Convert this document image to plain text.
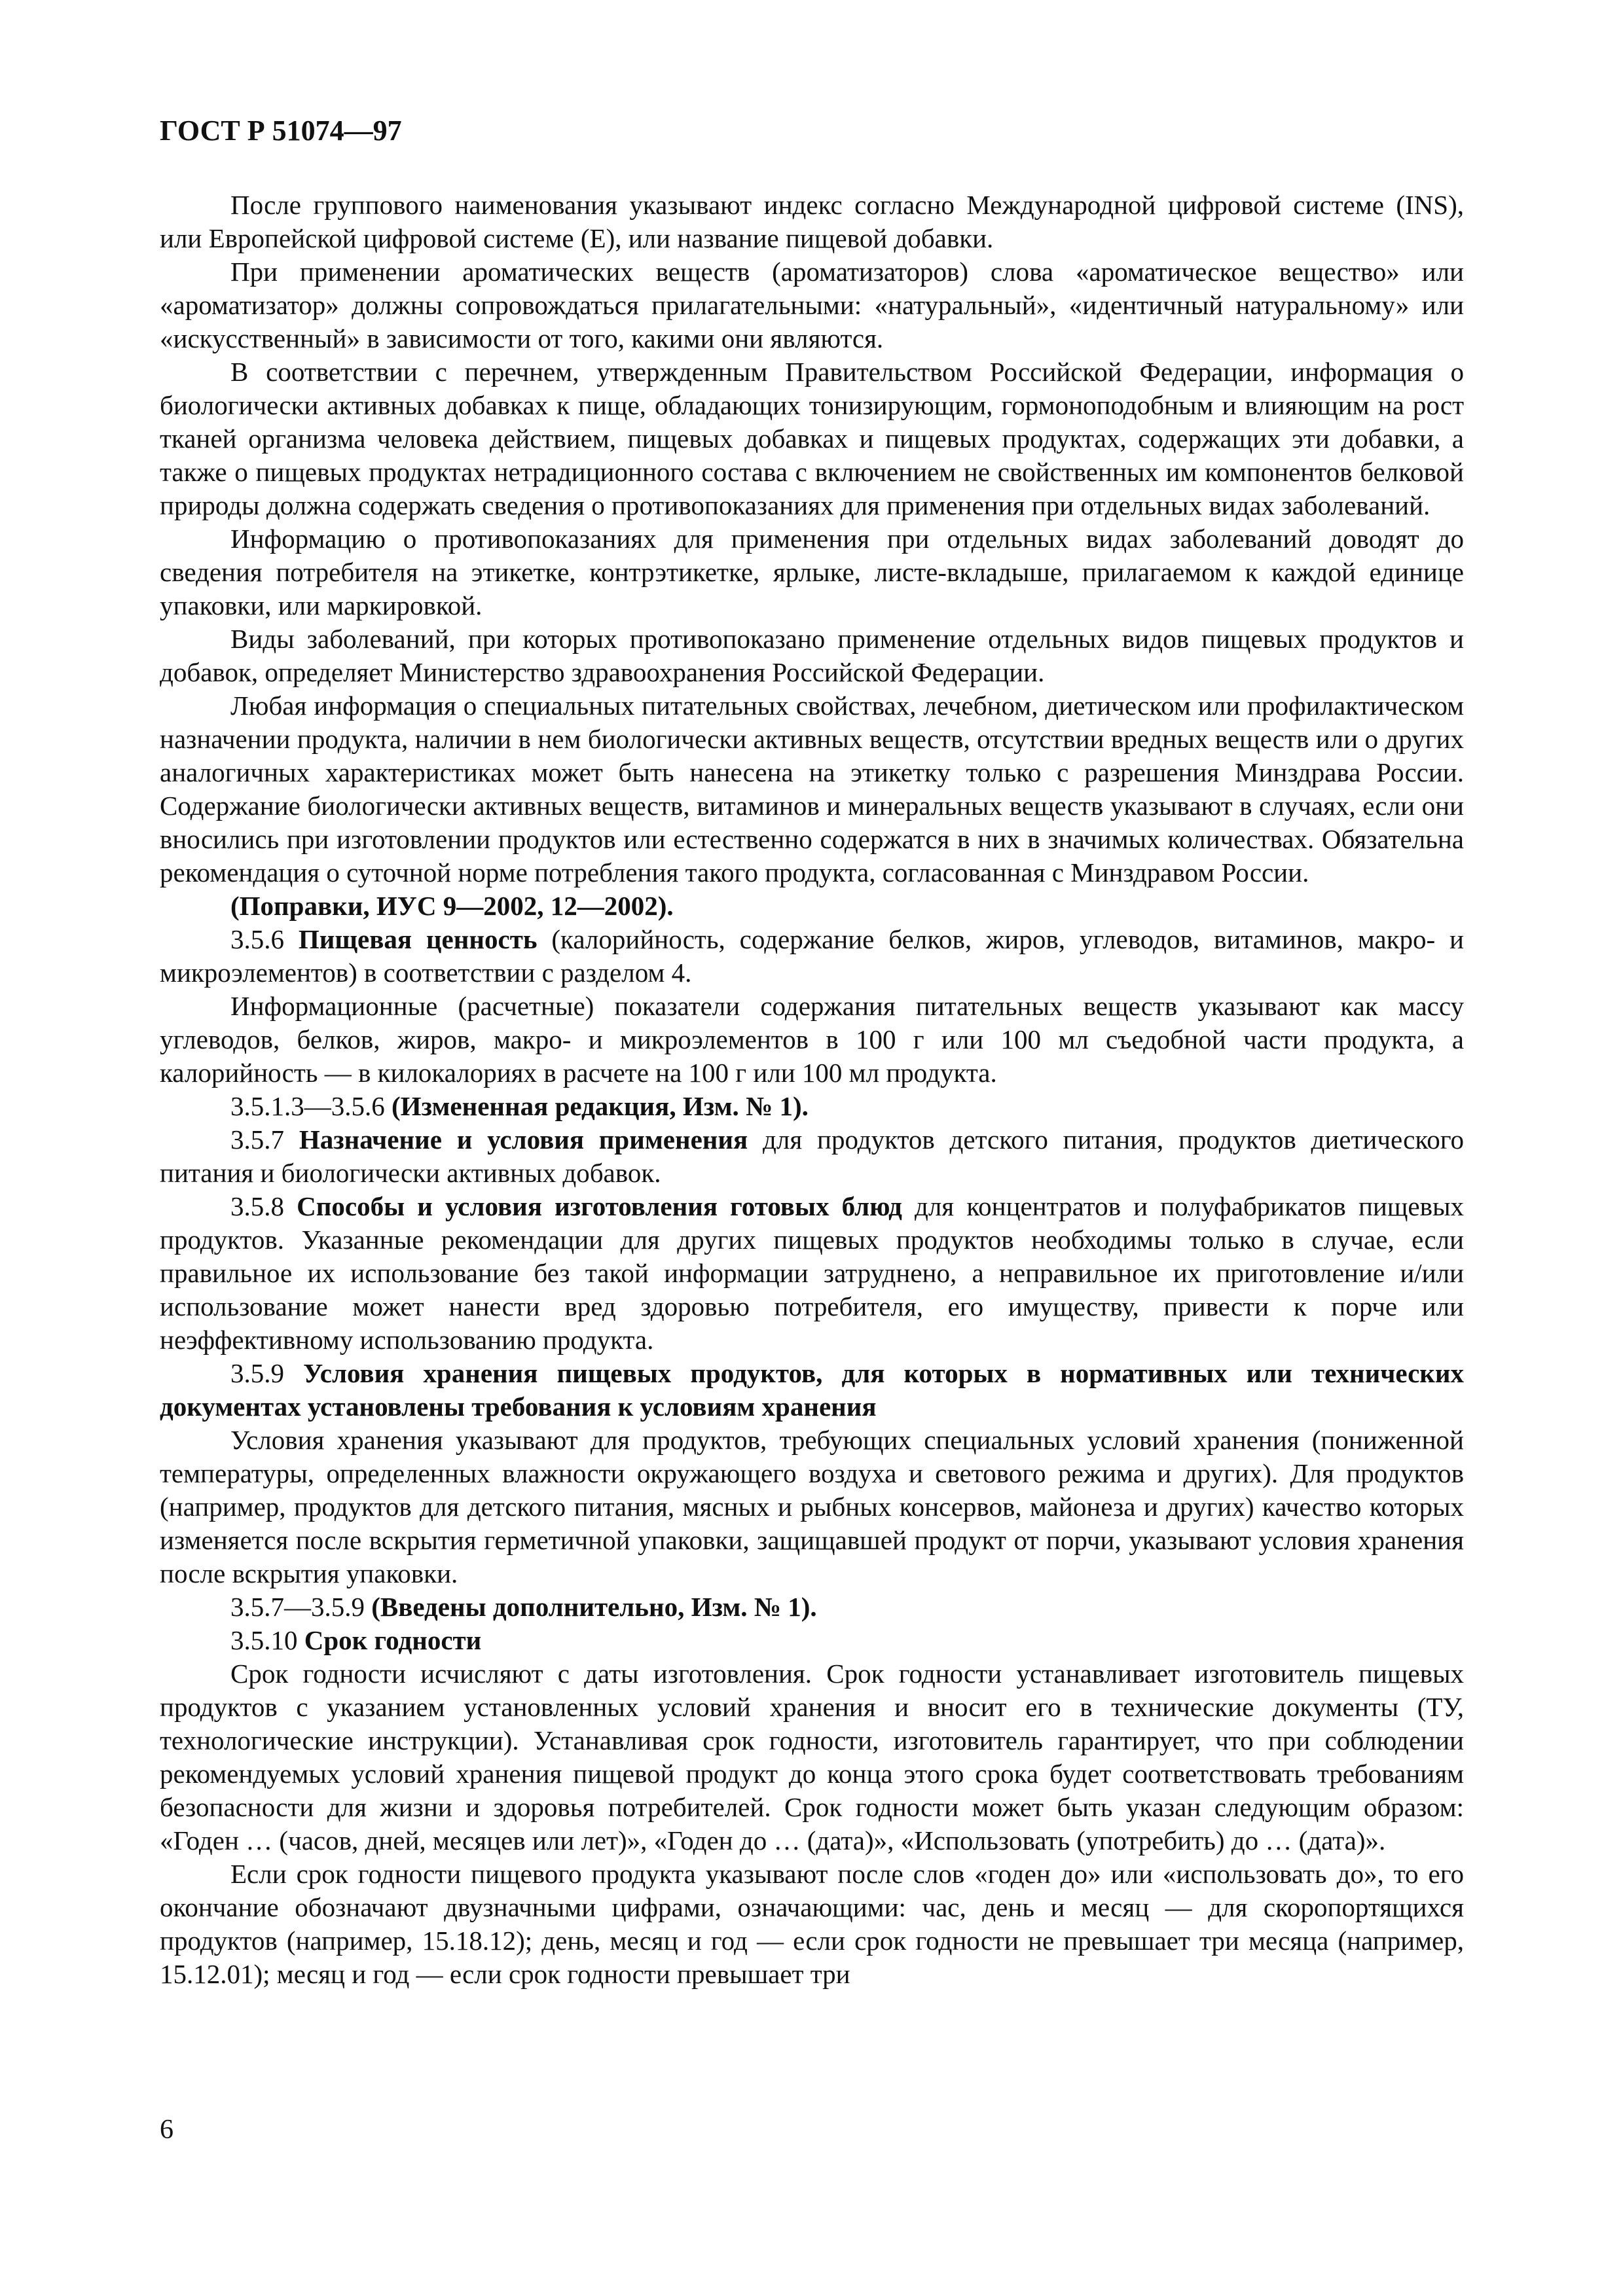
ГОСТ Р 51074—97

После группового наименования указывают индекс согласно Международной цифровой системе (INS), или Европейской цифровой системе (Е), или название пищевой добавки.

При применении ароматических веществ (ароматизаторов) слова «ароматическое вещество» или «ароматизатор» должны сопровождаться прилагательными: «натуральный», «идентичный натуральному» или «искусственный» в зависимости от того, какими они являются.

В соответствии с перечнем, утвержденным Правительством Российской Федерации, информация о биологически активных добавках к пище, обладающих тонизирующим, гормоноподобным и влияющим на рост тканей организма человека действием, пищевых добавках и пищевых продуктах, содержащих эти добавки, а также о пищевых продуктах нетрадиционного состава с включением не свойственных им компонентов белковой природы должна содержать сведения о противопоказаниях для применения при отдельных видах заболеваний.

Информацию о противопоказаниях для применения при отдельных видах заболеваний доводят до сведения потребителя на этикетке, контрэтикетке, ярлыке, листе-вкладыше, прилагаемом к каждой единице упаковки, или маркировкой.

Виды заболеваний, при которых противопоказано применение отдельных видов пищевых продуктов и добавок, определяет Министерство здравоохранения Российской Федерации.

Любая информация о специальных питательных свойствах, лечебном, диетическом или профилактическом назначении продукта, наличии в нем биологически активных веществ, отсутствии вредных веществ или о других аналогичных характеристиках может быть нанесена на этикетку только с разрешения Минздрава России. Содержание биологически активных веществ, витаминов и минеральных веществ указывают в случаях, если они вносились при изготовлении продуктов или естественно содержатся в них в значимых количествах. Обязательна рекомендация о суточной норме потребления такого продукта, согласованная с Минздравом России.

(Поправки, ИУС 9—2002, 12—2002).

3.5.6 Пищевая ценность (калорийность, содержание белков, жиров, углеводов, витаминов, макро- и микроэлементов) в соответствии с разделом 4.

Информационные (расчетные) показатели содержания питательных веществ указывают как массу углеводов, белков, жиров, макро- и микроэлементов в 100 г или 100 мл съедобной части продукта, а калорийность — в килокалориях в расчете на 100 г или 100 мл продукта.

3.5.1.3—3.5.6 (Измененная редакция, Изм. № 1).

3.5.7 Назначение и условия применения для продуктов детского питания, продуктов диетического питания и биологически активных добавок.

3.5.8 Способы и условия изготовления готовых блюд для концентратов и полуфабрикатов пищевых продуктов. Указанные рекомендации для других пищевых продуктов необходимы только в случае, если правильное их использование без такой информации затруднено, а неправильное их приготовление и/или использование может нанести вред здоровью потребителя, его имуществу, привести к порче или неэффективному использованию продукта.

3.5.9 Условия хранения пищевых продуктов, для которых в нормативных или технических документах установлены требования к условиям хранения

Условия хранения указывают для продуктов, требующих специальных условий хранения (пониженной температуры, определенных влажности окружающего воздуха и светового режима и других). Для продуктов (например, продуктов для детского питания, мясных и рыбных консервов, майонеза и других) качество которых изменяется после вскрытия герметичной упаковки, защищавшей продукт от порчи, указывают условия хранения после вскрытия упаковки.

3.5.7—3.5.9 (Введены дополнительно, Изм. № 1).

3.5.10 Срок годности

Срок годности исчисляют с даты изготовления. Срок годности устанавливает изготовитель пищевых продуктов с указанием установленных условий хранения и вносит его в технические документы (ТУ, технологические инструкции). Устанавливая срок годности, изготовитель гарантирует, что при соблюдении рекомендуемых условий хранения пищевой продукт до конца этого срока будет соответствовать требованиям безопасности для жизни и здоровья потребителей. Срок годности может быть указан следующим образом: «Годен … (часов, дней, месяцев или лет)», «Годен до … (дата)», «Использовать (употребить) до … (дата)».

Если срок годности пищевого продукта указывают после слов «годен до» или «использовать до», то его окончание обозначают двузначными цифрами, означающими: час, день и месяц — для скоропортящихся продуктов (например, 15.18.12); день, месяц и год — если срок годности не превышает три месяца (например, 15.12.01); месяц и год — если срок годности превышает три

6
